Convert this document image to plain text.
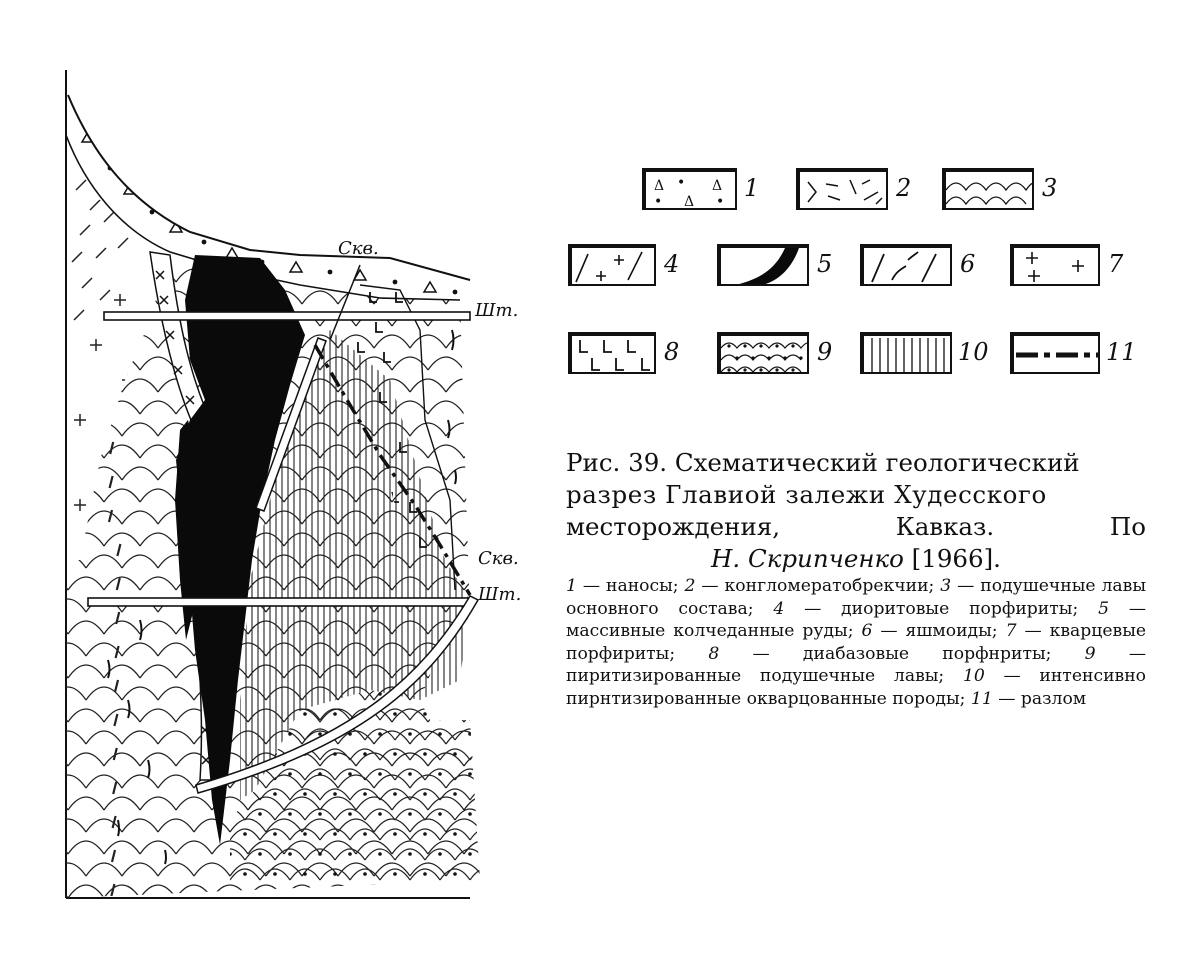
Скв.
Шт.
Скв.
Шт.
Δ • Δ
• Δ • 1	2	3
4	5	6	7
8	9	10	11
Рис. 39. Схематический геологический
разрез Главиой залежи Худесского
месторождения,	Кавказ.	По
Н. Скрипченко [1966].
1 — наносы; 2 — конгломератобрекчии; 3 — подушечные лавы основного состава; 4 — диоритовые порфириты; 5 — массивные колчеданные руды; 6 — яшмоиды; 7 — кварцевые порфириты; 8 — диабазовые порфнриты; 9 — пиритизированные подушечные лавы; 10 — интенсивно пирнтизированные окварцованные породы; 11 — разлом
